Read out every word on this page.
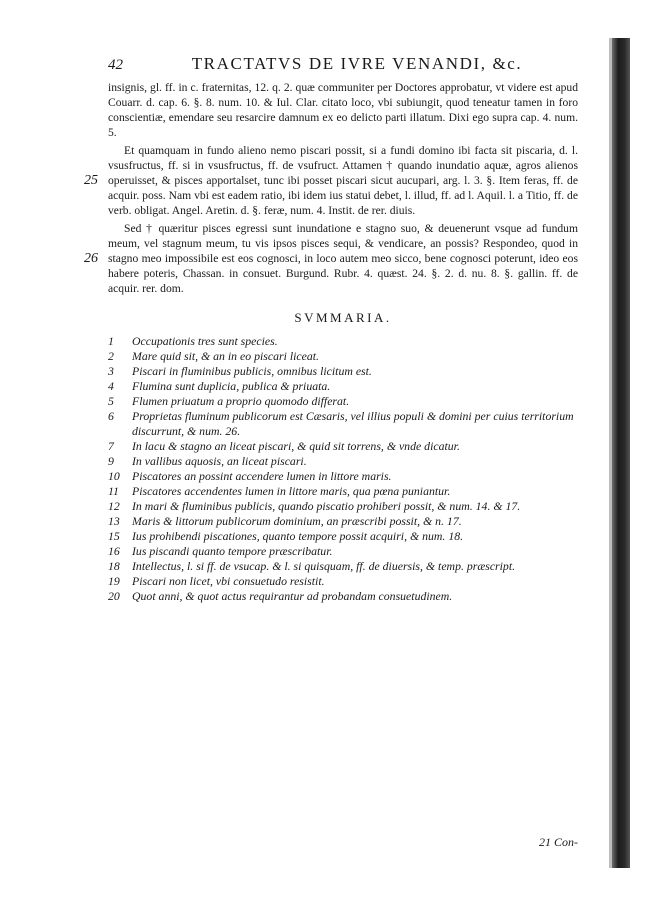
42	TRACTATVS DE IVRE VENANDI, &c.

insignis, gl. ff. in c. fraternitas, 12. q. 2. quæ communiter per Doctores approbatur, vt videre est apud Couarr. d. cap. 6. §. 8. num. 10. & Iul. Clar. citato loco, vbi subiungit, quod teneatur tamen in foro conscientiæ, emendare seu resarcire damnum ex eo delicto parti illatum. Dixi ego supra cap. 4. num. 5.

25

Et quamquam in fundo alieno nemo piscari possit, si a fundi domino ibi facta sit piscaria, d. l. vsusfructus, ff. si in vsusfructus, ff. de vsufruct. Attamen † quando inundatio aquæ, agros alienos operuisset, & pisces apportalset, tunc ibi posset piscari sicut aucupari, arg. l. 3. §. Item feras, ff. de acquir. poss. Nam vbi est eadem ratio, ibi idem ius statui debet, l. illud, ff. ad l. Aquil. l. a Titio, ff. de verb. obligat. Angel. Aretin. d. §. feræ, num. 4. Instit. de rer. diuis.

26

Sed † quæritur pisces egressi sunt inundatione e stagno suo, & deuenerunt vsque ad fundum meum, vel stagnum meum, tu vis ipsos pisces sequi, & vendicare, an possis? Respondeo, quod in stagno meo impossibile est eos cognosci, in loco autem meo sicco, bene cognosci poterunt, ideo eos habere poteris, Chassan. in consuet. Burgund. Rubr. 4. quæst. 24. §. 2. d. nu. 8. §. gallin. ff. de acquir. rer. dom.

SVMMARIA.
1	Occupationis tres sunt species.
2	Mare quid sit, & an in eo piscari liceat.
3	Piscari in fluminibus publicis, omnibus licitum est.
4	Flumina sunt duplicia, publica & priuata.
5	Flumen priuatum a proprio quomodo differat.
6	Proprietas fluminum publicorum est Cæsaris, vel illius populi & domini per cuius territorium discurrunt, & num. 26.
7	In lacu & stagno an liceat piscari, & quid sit torrens, & vnde dicatur.
9	In vallibus aquosis, an liceat piscari.
10	Piscatores an possint accendere lumen in littore maris.
11	Piscatores accendentes lumen in littore maris, qua pœna puniantur.
12	In mari & fluminibus publicis, quando piscatio prohiberi possit, & num. 14. & 17.
13	Maris & littorum publicorum dominium, an præscribi possit, & n. 17.
15	Ius prohibendi piscationes, quanto tempore possit acquiri, & num. 18.
16	Ius piscandi quanto tempore præscribatur.
18	Intellectus, l. si ff. de vsucap. & l. si quisquam, ff. de diuersis, & temp. præscript.
19	Piscari non licet, vbi consuetudo resistit.
20	Quot anni, & quot actus requirantur ad probandam consuetudinem.
21 Con-
